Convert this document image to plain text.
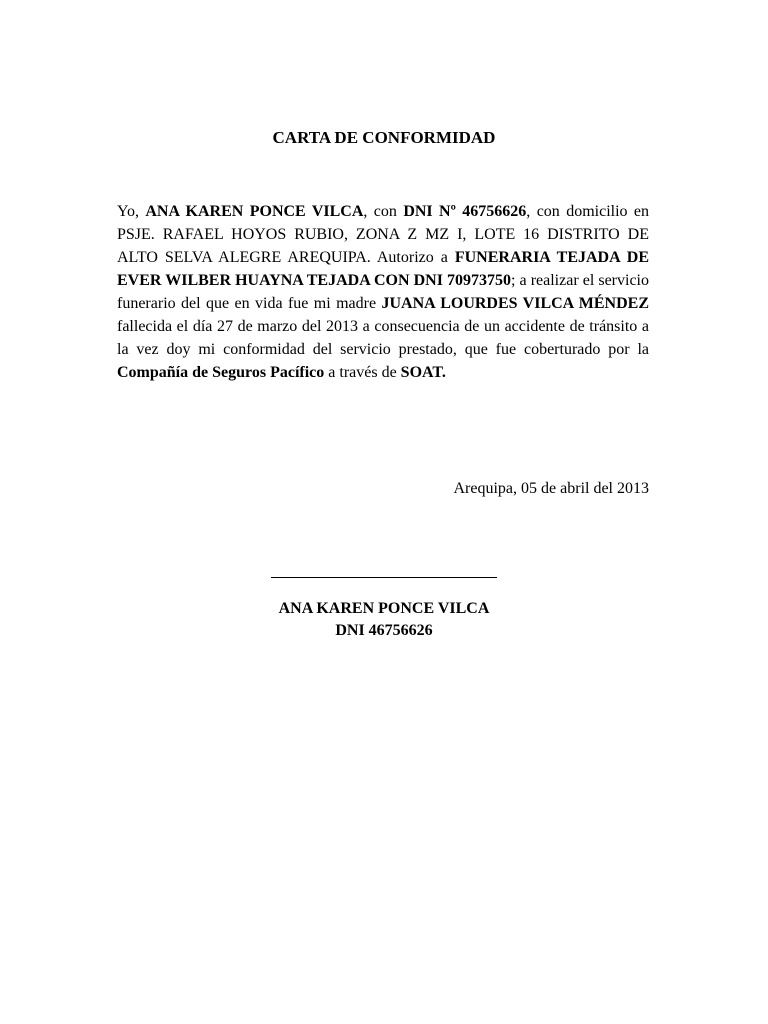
CARTA DE CONFORMIDAD
Yo, ANA KAREN PONCE VILCA, con DNI Nº 46756626, con domicilio en PSJE. RAFAEL HOYOS RUBIO, ZONA Z MZ I, LOTE 16 DISTRITO DE ALTO SELVA ALEGRE AREQUIPA. Autorizo a FUNERARIA TEJADA DE EVER WILBER HUAYNA TEJADA CON DNI 70973750; a realizar el servicio funerario del que en vida fue mi madre JUANA LOURDES VILCA MÉNDEZ fallecida el día 27 de marzo del 2013 a consecuencia de un accidente de tránsito a la vez doy mi conformidad del servicio prestado, que fue coberturado por la Compañía de Seguros Pacífico a través de SOAT.
Arequipa, 05 de abril del 2013
ANA KAREN PONCE VILCA
DNI 46756626
